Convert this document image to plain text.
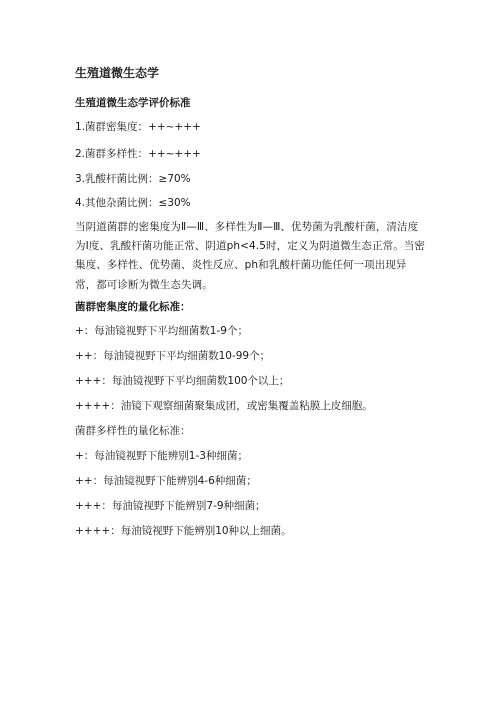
生殖道微生态学
生殖道微生态学评价标准
1.菌群密集度：++~+++
2.菌群多样性：++~+++
3.乳酸杆菌比例：≥70%
4.其他杂菌比例：≤30%
当阴道菌群的密集度为Ⅱ—Ⅲ、多样性为Ⅱ—Ⅲ、优势菌为乳酸杆菌，清洁度为Ⅰ度、乳酸杆菌功能正常、阴道ph<4.5时，定义为阴道微生态正常。当密集度、多样性、优势菌、炎性反应、ph和乳酸杆菌功能任何一项出现异常，都可诊断为微生态失调。
菌群密集度的量化标准：
+：每油镜视野下平均细菌数1-9个；
++：每油镜视野下平均细菌数10-99个；
+++：每油镜视野下平均细菌数100个以上；
++++：油镜下观察细菌聚集成团，或密集覆盖粘膜上皮细胞。
菌群多样性的量化标准：
+：每油镜视野下能辨别1-3种细菌；
++：每油镜视野下能辨别4-6种细菌；
+++：每油镜视野下能辨别7-9种细菌；
++++：每油镜视野下能辨别10种以上细菌。
